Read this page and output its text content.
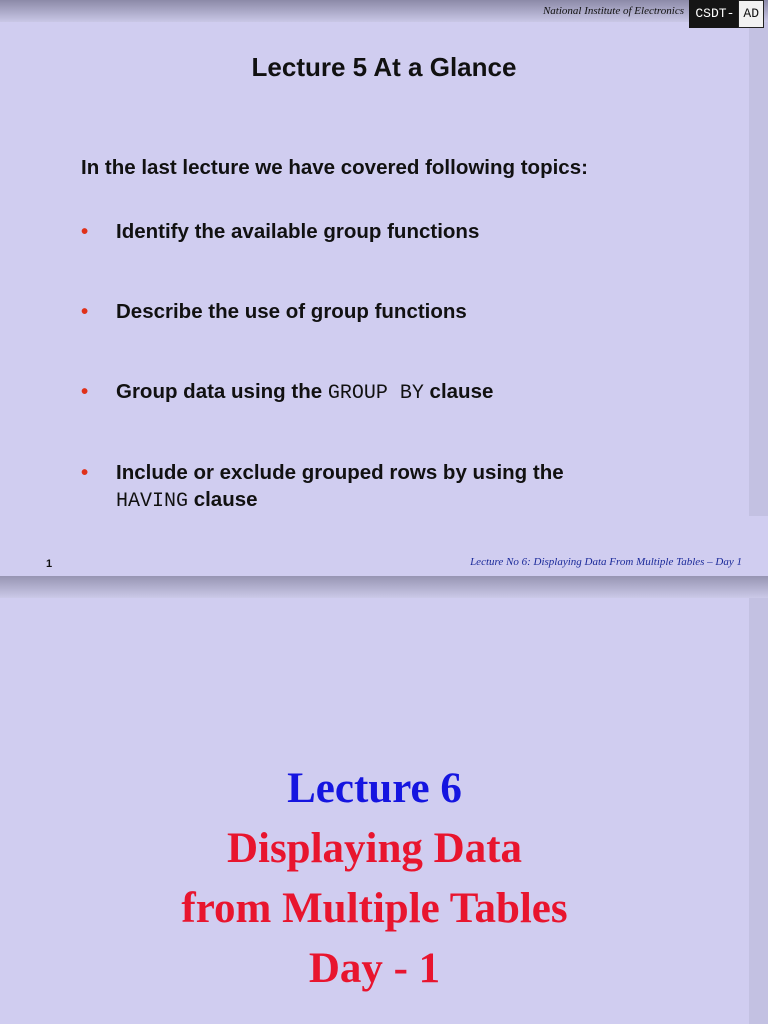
National Institute of Electronics CSDT- AD
Lecture 5 At a Glance
In the last lecture we have covered following topics:
• Identify the available group functions
• Describe the use of group functions
• Group data using the GROUP BY clause
• Include or exclude grouped rows by using the
HAVING clause
1	Lecture No 6: Displaying Data From Multiple Tables – Day 1
Lecture 6
Displaying Data
from Multiple Tables
Day - 1
